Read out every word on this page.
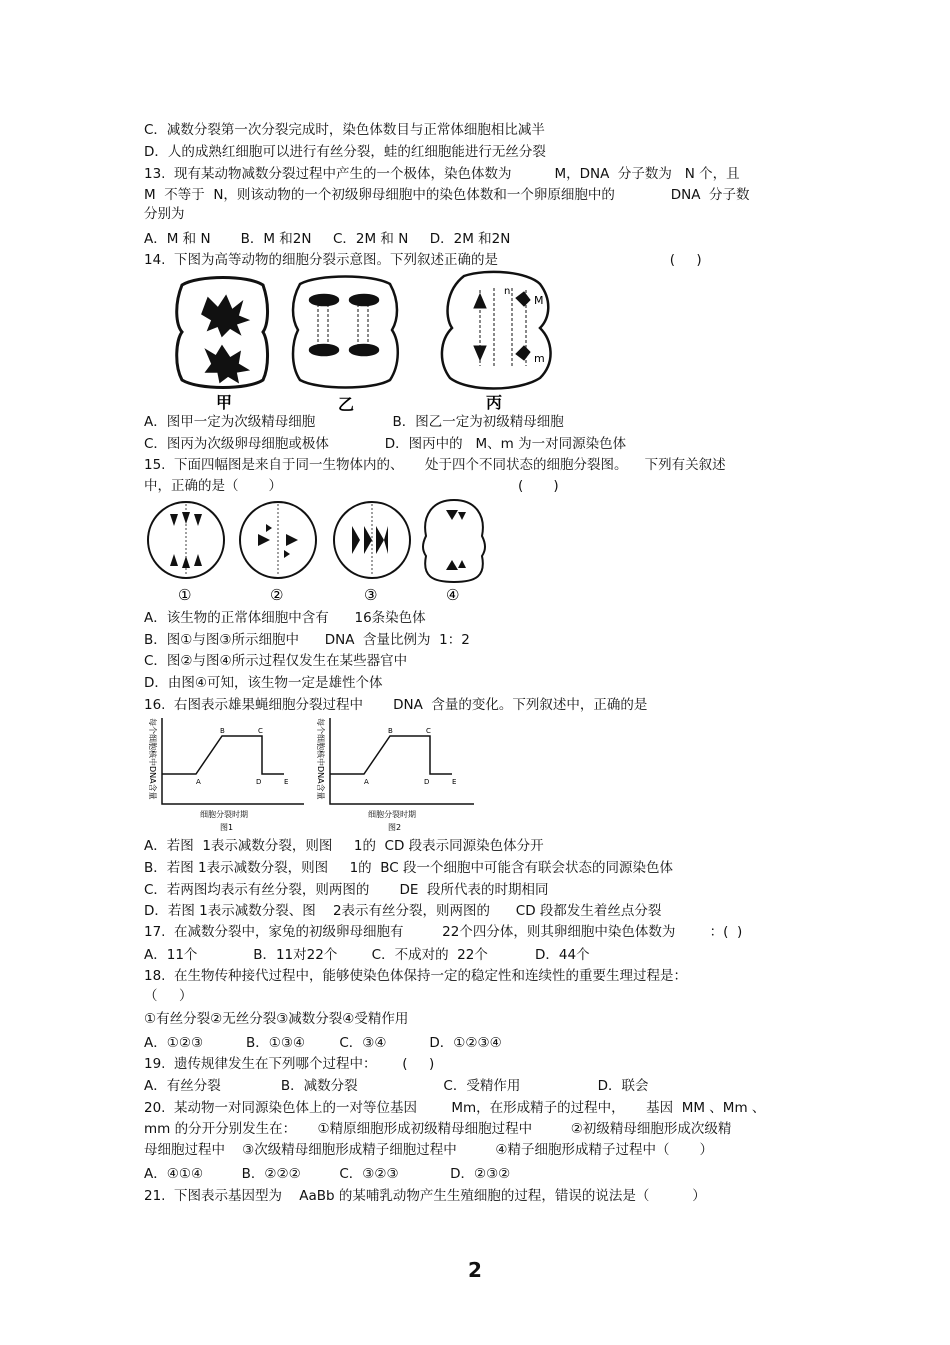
C．减数分裂第一次分裂完成时，染色体数目与正常体细胞相比减半
D．人的成熟红细胞可以进行有丝分裂，蛙的红细胞能进行无丝分裂
13.  现有某动物减数分裂过程中产生的一个极体，染色体数为          M，DNA  分子数为   N 个，且
M  不等于  N，则该动物的一个初级卵母细胞中的染色体数和一个卵原细胞中的             DNA  分子数
分别为
A．M 和 N       B．M 和2N     C．2M 和 N     D．2M 和2N
14.  下图为高等动物的细胞分裂示意图。下列叙述正确的是                                        (     )
n
M
m
甲	乙	丙
A．图甲一定为次级精母细胞                  B．图乙一定为初级精母细胞
C．图丙为次级卵母细胞或极体             D．图丙中的   M、m 为一对同源染色体
15.  下面四幅图是来自于同一生物体内的、     处于四个不同状态的细胞分裂图。    下列有关叙述
中，正确的是（       ）                                                       (       )
①	②	③	④
A．该生物的正常体细胞中含有      16条染色体
B．图①与图③所示细胞中      DNA  含量比例为  1：2
C．图②与图④所示过程仅发生在某些器官中
D．由图④可知，该生物一定是雄性个体
16.  右图表示雄果蝇细胞分裂过程中       DNA  含量的变化。下列叙述中，正确的是
每个细胞核中DNA含量	A
B	C
D	E
细胞分裂时期
图1
每个细胞核中DNA含量	A
B	C
D	E
细胞分裂时期
图2
A．若图  1表示减数分裂，则图     1的  CD 段表示同源染色体分开
B．若图 1表示减数分裂，则图     1的  BC 段一个细胞中可能含有联会状态的同源染色体
C．若两图均表示有丝分裂，则两图的       DE  段所代表的时期相同
D．若图 1表示减数分裂、图    2表示有丝分裂，则两图的      CD 段都发生着丝点分裂
17.  在减数分裂中，家兔的初级卵母细胞有         22个四分体，则其卵细胞中染色体数为        ：(  )
A．11个             B．11对22个        C．不成对的  22个           D．44个
18.  在生物传种接代过程中，能够使染色体保持一定的稳定性和连续性的重要生理过程是：
（     ）
①有丝分裂②无丝分裂③减数分裂④受精作用
A．①②③          B．①③④        C．③④          D．①②③④
19.  遗传规律发生在下列哪个过程中：      (     )
A．有丝分裂              B．减数分裂                    C．受精作用                  D．联会
20.  某动物一对同源染色体上的一对等位基因        Mm，在形成精子的过程中，     基因  MM 、Mm 、
mm 的分开分别发生在：     ①精原细胞形成初级精母细胞过程中         ②初级精母细胞形成次级精
母细胞过程中    ③次级精母细胞形成精子细胞过程中         ④精子细胞形成精子过程中（       ）
A．④①④         B．②②②         C．③②③            D．②③②
21.  下图表示基因型为    AaBb 的某哺乳动物产生生殖细胞的过程，错误的说法是（          ）
2
